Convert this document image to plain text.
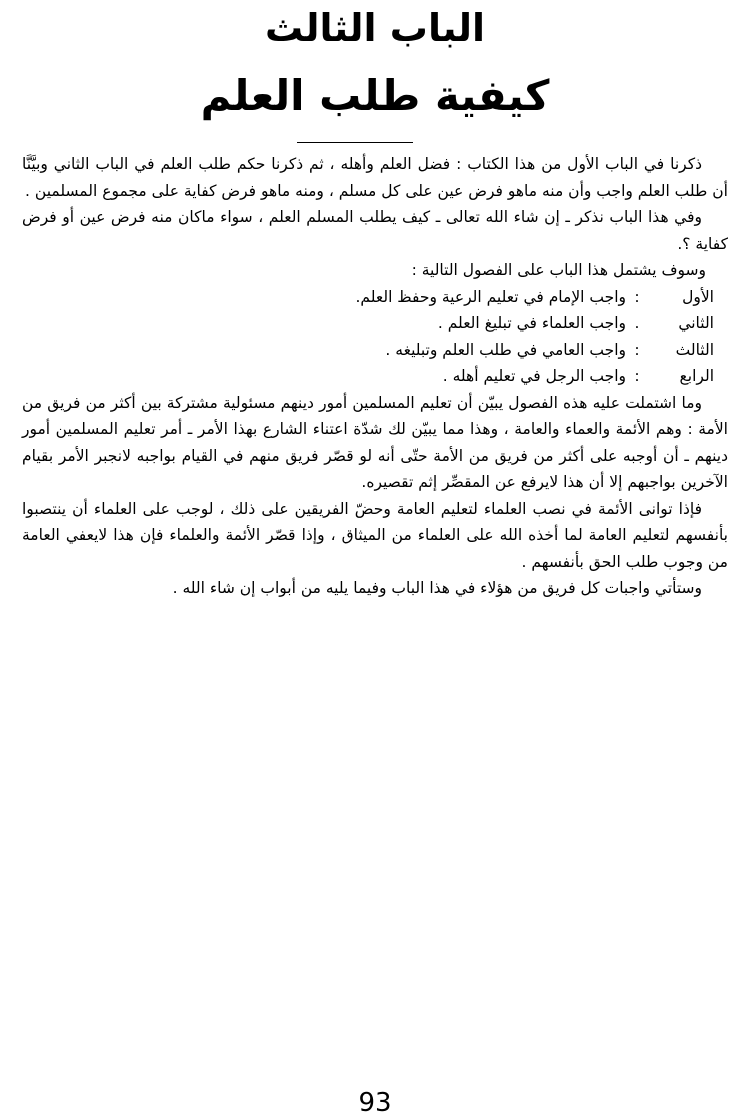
الباب الثالث
كيفية طلب العلم

ذكرنا في الباب الأول من هذا الكتاب : فضل العلم وأهله ، ثم ذكرنا حكم طلب العلم في الباب الثاني وبيَّنَّا أن طلب العلم واجب وأن منه ماهو فرض عين على كل مسلم ، ومنه ماهو فرض كفاية على مجموع المسلمين .

وفي هذا الباب نذكر ـ إن شاء الله تعالى ـ كيف يطلب المسلم العلم ، سواء ماكان منه فرض عين أو فرض كفاية ؟.

وسوف يشتمل هذا الباب على الفصول التالية :
الأول
:
واجب الإمام في تعليم الرعية وحفظ العلم.
الثاني
.
واجب العلماء في تبليغ العلم .
الثالث
:
واجب العامي في طلب العلم وتبليغه .
الرابع
:
واجب الرجل في تعليم أهله .

وما اشتملت عليه هذه الفصول يبيّن أن تعليم المسلمين أمور دينهم مسئولية مشتركة بين أكثر من فريق من الأمة : وهم الأئمة والعماء والعامة ، وهذا مما يبيّن لك شدّة اعتناء الشارع بهذا الأمر ـ أمر تعليم المسلمين أمور دينهم ـ أن أوجبه على أكثر من فريق من الأمة حتّى أنه لو قصّر فريق منهم في القيام بواجبه لانجبر الأمر بقيام الآخرين بواجبهم إلا أن هذا لايرفع عن المقصِّر إثم تقصيره.

فإذا توانى الأئمة في نصب العلماء لتعليم العامة وحضّ الفريقين على ذلك ، لوجب على العلماء أن ينتصبوا بأنفسهم لتعليم العامة لما أخذه الله على العلماء من الميثاق ، وإذا قصّر الأئمة والعلماء فإن هذا لايعفي العامة من وجوب طلب الحق بأنفسهم .

وستأتي واجبات كل فريق من هؤلاء في هذا الباب وفيما يليه من أبواب إن شاء الله .

93
